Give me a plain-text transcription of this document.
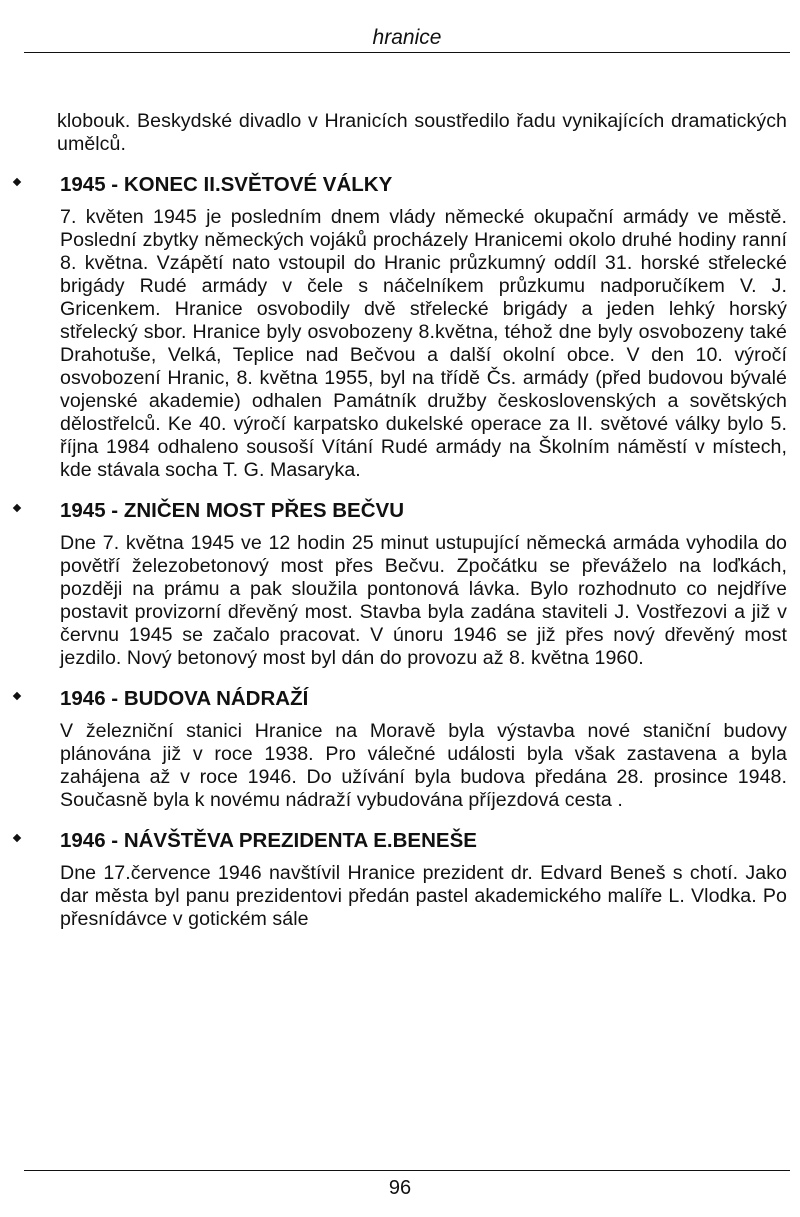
hranice
klobouk. Beskydské divadlo v Hranicích soustředilo řadu vynikajících dramatických umělců.
1945 - KONEC II.SVĚTOVÉ VÁLKY
7. květen 1945 je posledním dnem vlády německé okupační armády ve městě. Poslední zbytky německých vojáků procházely Hranicemi okolo druhé hodiny ranní 8. května. Vzápětí nato vstoupil do Hranic průzkumný oddíl 31. horské střelecké brigády Rudé armády v čele s náčelníkem průzkumu nadporučíkem V. J. Gricenkem. Hranice osvobodily dvě střelecké brigády a jeden lehký horský střelecký sbor. Hranice byly osvobozeny 8.května, téhož dne byly osvobozeny také Drahotuše, Velká, Teplice nad Bečvou a další okolní obce. V den 10. výročí osvobození Hranic, 8. května 1955, byl na třídě Čs. armády (před budovou bývalé vojenské akademie) odhalen Památník družby československých a sovětských dělostřelců. Ke 40. výročí karpatsko dukelské operace za II. světové války bylo 5. října 1984 odhaleno sousoší Vítání Rudé armády na Školním náměstí v místech, kde stávala socha T. G. Masaryka.
1945 - ZNIČEN MOST PŘES BEČVU
Dne 7. května 1945 ve 12 hodin 25 minut ustupující německá armáda vyhodila do povětří železobetonový most přes Bečvu. Zpočátku se převáželo na loďkách, později na prámu a pak sloužila pontonová lávka. Bylo rozhodnuto co nejdříve postavit provizorní dřevěný most. Stavba byla zadána staviteli J. Vostřezovi a již v červnu 1945 se začalo pracovat. V únoru 1946 se již přes nový dřevěný most jezdilo. Nový betonový most byl dán do provozu až 8. května 1960.
1946 - BUDOVA NÁDRAŽÍ
V železniční stanici Hranice na Moravě byla výstavba nové staniční budovy plánována již v roce 1938. Pro válečné události byla však zastavena a byla zahájena až v roce 1946. Do užívání byla budova předána 28. prosince 1948. Současně byla k novému nádraží vybudována příjezdová cesta .
1946 - NÁVŠTĚVA PREZIDENTA E.BENEŠE
Dne 17.července 1946 navštívil Hranice prezident dr. Edvard Beneš s chotí. Jako dar města byl panu prezidentovi předán pastel akademického malíře L. Vlodka. Po přesnídávce v gotickém sále
96
